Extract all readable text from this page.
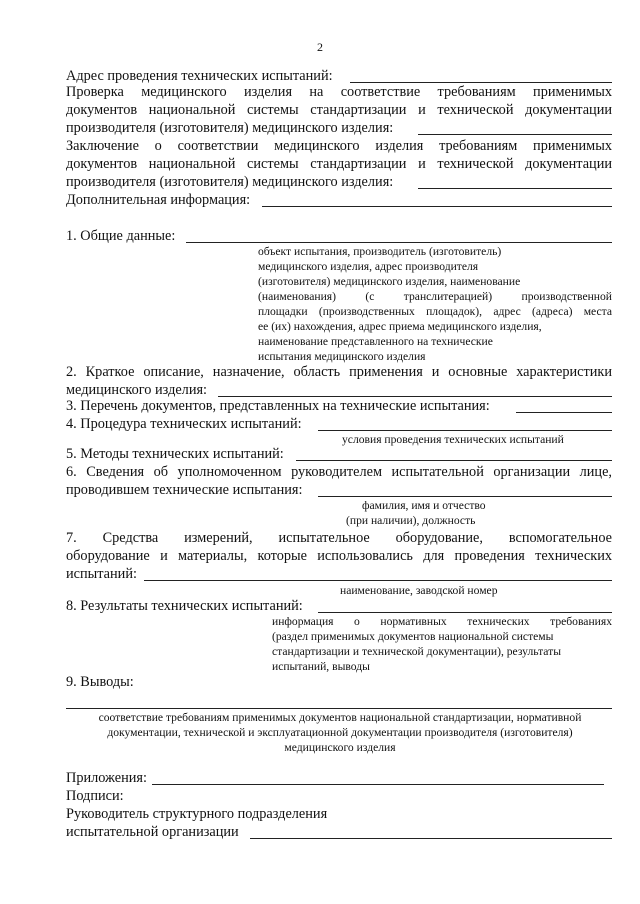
2
Адрес проведения технических испытаний:
Проверка медицинского изделия на соответствие требованиям применимых
документов национальной системы стандартизации и технической документации
производителя (изготовителя) медицинского изделия:
Заключение о соответствии медицинского изделия требованиям применимых
документов национальной системы стандартизации и технической документации
производителя (изготовителя) медицинского изделия:
Дополнительная информация:
1. Общие данные:
объект испытания, производитель (изготовитель)
медицинского изделия, адрес производителя
(изготовителя) медицинского изделия, наименование
(наименования) (с транслитерацией) производственной
площадки (производственных площадок), адрес (адреса) места
ее (их) нахождения, адрес приема медицинского изделия,
наименование представленного на технические
испытания медицинского изделия
2. Краткое описание, назначение, область применения и основные характеристики
медицинского изделия:
3. Перечень документов, представленных на технические испытания:
4. Процедура технических испытаний:
условия проведения технических испытаний
5. Методы технических испытаний:
6. Сведения об уполномоченном руководителем испытательной организации лице,
проводившем технические испытания:
фамилия, имя и отчество
(при наличии), должность
7. Средства измерений, испытательное оборудование, вспомогательное
оборудование и материалы, которые использовались для проведения технических
испытаний:
наименование, заводской номер
8. Результаты технических испытаний:
информация о нормативных технических требованиях
(раздел применимых документов национальной системы
стандартизации и технической документации), результаты
испытаний, выводы
9. Выводы:
соответствие требованиям применимых документов национальной стандартизации, нормативной
документации, технической и эксплуатационной документации производителя (изготовителя)
медицинского изделия
Приложения:
Подписи:
Руководитель структурного подразделения
испытательной организации
